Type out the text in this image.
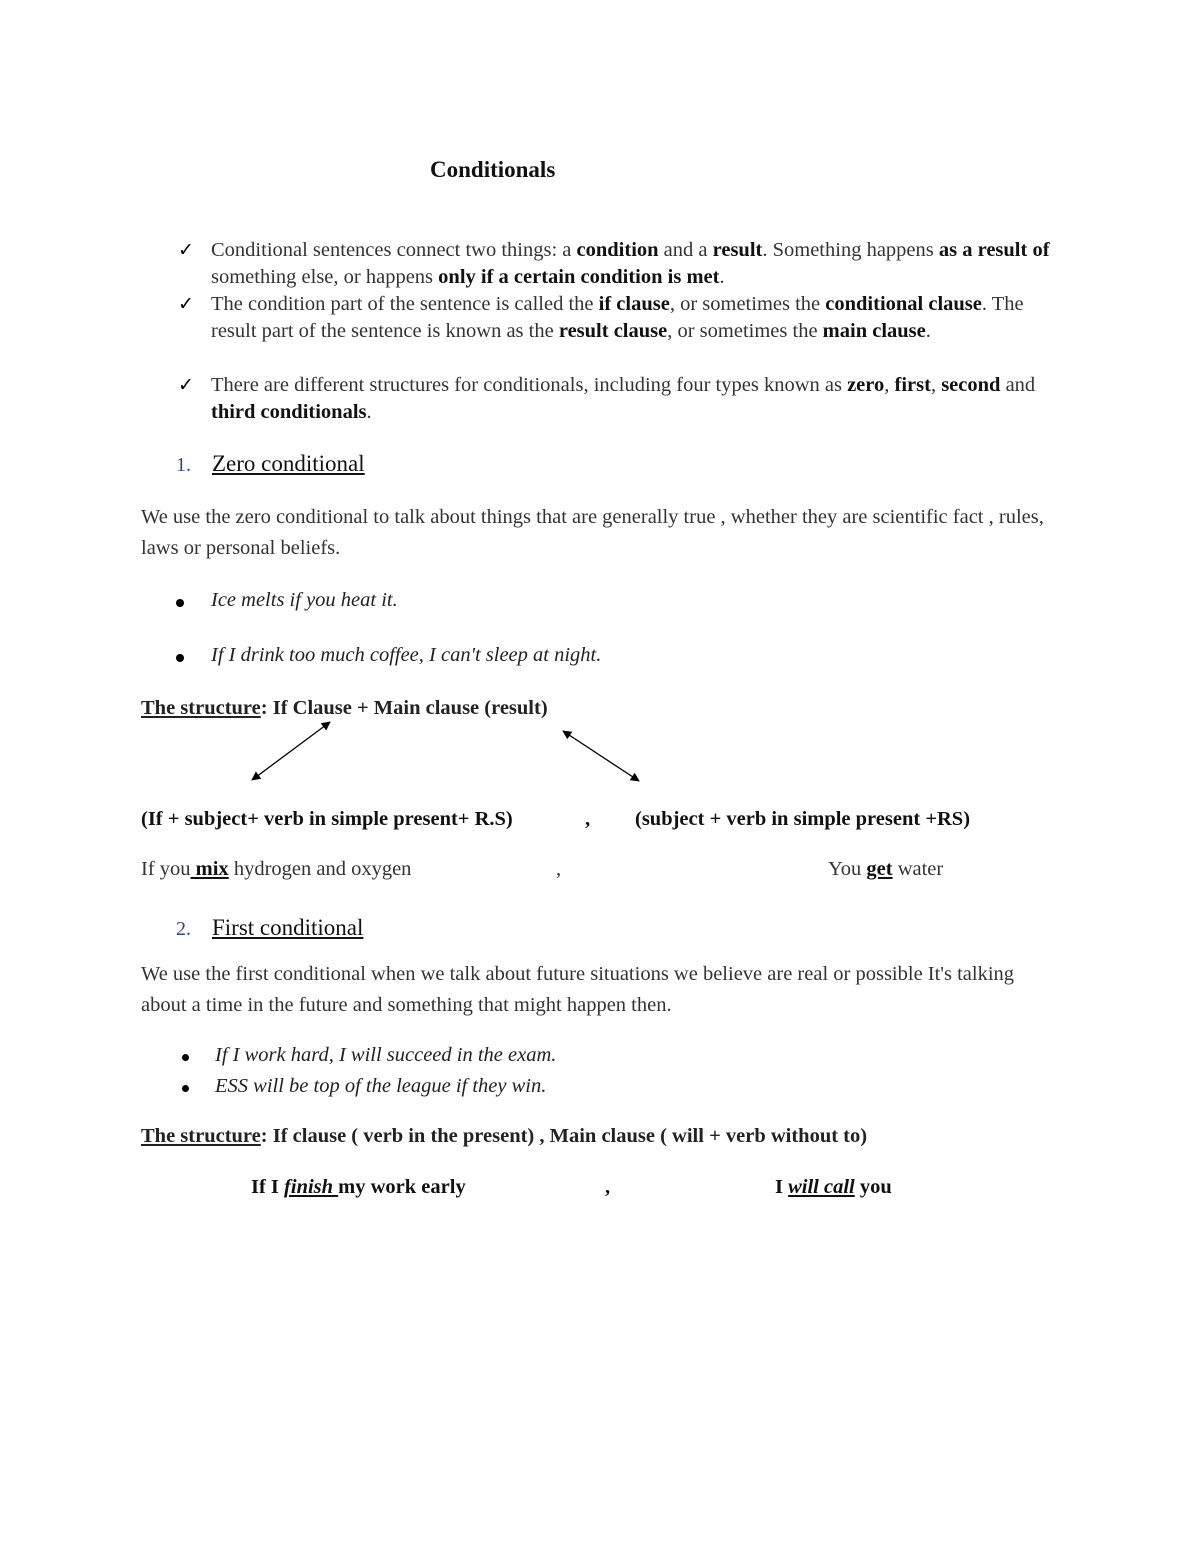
Conditionals
✓ Conditional sentences connect two things: a condition and a result. Something happens as a result of something else, or happens only if a certain condition is met.
✓ The condition part of the sentence is called the if clause, or sometimes the conditional clause. The result part of the sentence is known as the result clause, or sometimes the main clause.
✓ There are different structures for conditionals, including four types known as zero, first, second and third conditionals.
1. Zero conditional
We use the zero conditional to talk about things that are generally true , whether they are scientific fact , rules, laws or personal beliefs.
Ice melts if you heat it.
If I drink too much coffee, I can't sleep at night.
The structure: If Clause + Main clause (result)
(If + subject+ verb in simple present+ R.S)	, (subject + verb in simple present +RS)
If you mix hydrogen and oxygen	,	You get water
2. First conditional
We use the first conditional when we talk about future situations we believe are real or possible It's talking about a time in the future and something that might happen then.
If I work hard, I will succeed in the exam.
ESS will be top of the league if they win.
The structure: If clause ( verb in the present) , Main clause ( will + verb without to)
If I finish my work early	,	I will call you
